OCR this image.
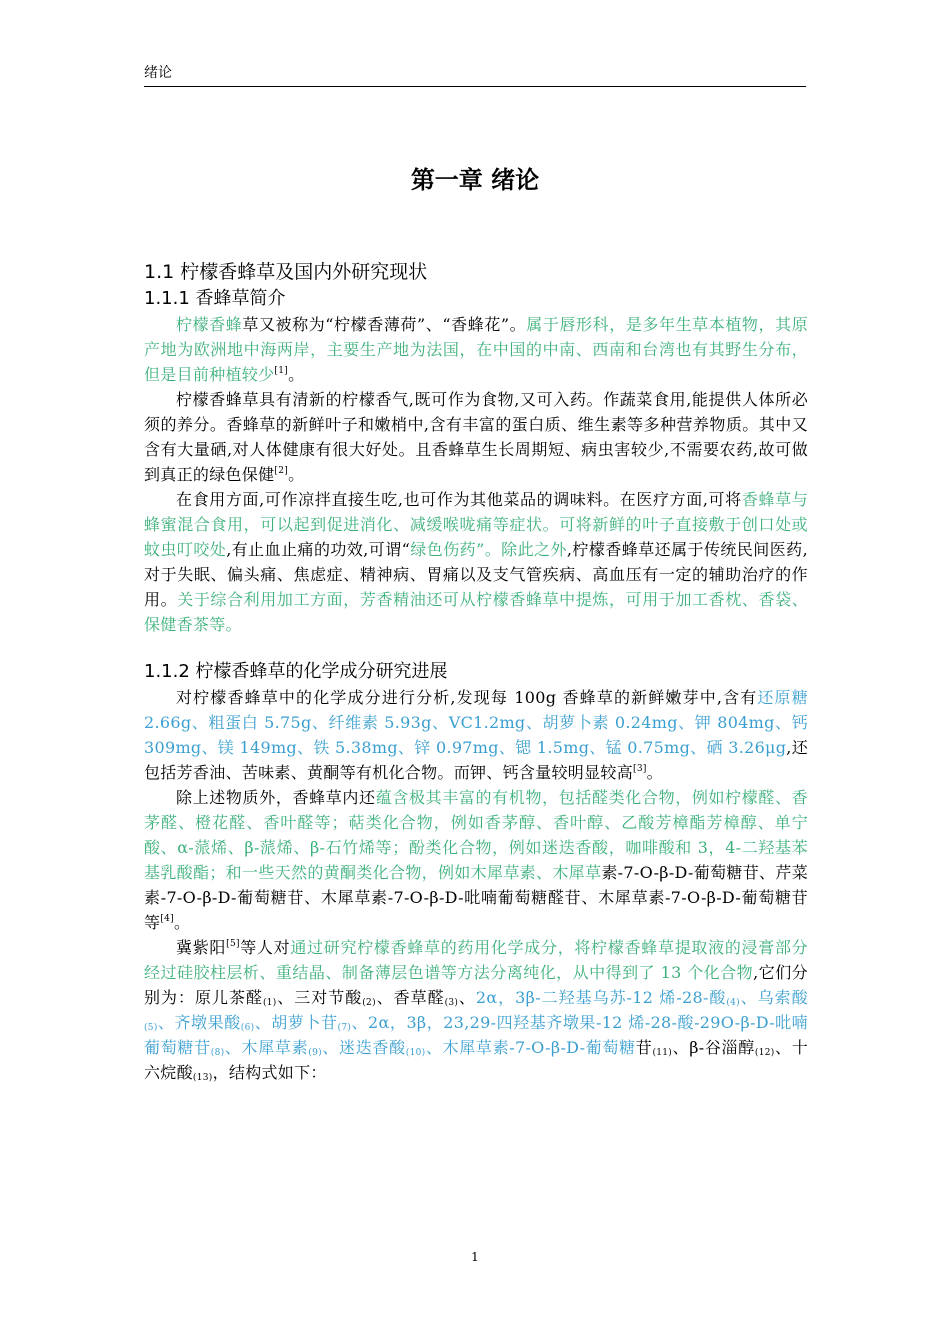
绪论
第一章 绪论
1.1 柠檬香蜂草及国内外研究现状
1.1.1 香蜂草简介

柠檬香蜂草又被称为“柠檬香薄荷”、“香蜂花”。属于唇形科，是多年生草本植物，其原产地为欧洲地中海两岸，主要生产地为法国，在中国的中南、西南和台湾也有其野生分布，但是目前种植较少[1]。

柠檬香蜂草具有清新的柠檬香气,既可作为食物,又可入药。作蔬菜食用,能提供人体所必须的养分。香蜂草的新鲜叶子和嫩梢中,含有丰富的蛋白质、维生素等多种营养物质。其中又含有大量硒,对人体健康有很大好处。且香蜂草生长周期短、病虫害较少,不需要农药,故可做到真正的绿色保健[2]。

在食用方面,可作凉拌直接生吃,也可作为其他菜品的调味料。在医疗方面,可将香蜂草与蜂蜜混合食用，可以起到促进消化、减缓喉咙痛等症状。可将新鲜的叶子直接敷于创口处或蚊虫叮咬处,有止血止痛的功效,可谓“绿色伤药”。除此之外,柠檬香蜂草还属于传统民间医药,对于失眠、偏头痛、焦虑症、精神病、胃痛以及支气管疾病、高血压有一定的辅助治疗的作用。关于综合利用加工方面，芳香精油还可从柠檬香蜂草中提炼，可用于加工香枕、香袋、保健香茶等。

1.1.2 柠檬香蜂草的化学成分研究进展

对柠檬香蜂草中的化学成分进行分析,发现每 100g 香蜂草的新鲜嫩芽中,含有还原糖 2.66g、粗蛋白 5.75g、纤维素 5.93g、VC1.2mg、胡萝卜素 0.24mg、钾 804mg、钙 309mg、镁 149mg、铁 5.38mg、锌 0.97mg、锶 1.5mg、锰 0.75mg、硒 3.26μg,还包括芳香油、苦味素、黄酮等有机化合物。而钾、钙含量较明显较高[3]。

除上述物质外，香蜂草内还蕴含极其丰富的有机物，包括醛类化合物，例如柠檬醛、香茅醛、橙花醛、香叶醛等；萜类化合物，例如香茅醇、香叶醇、乙酸芳樟酯芳樟醇、单宁酸、α-蒎烯、β-蒎烯、β-石竹烯等；酚类化合物，例如迷迭香酸，咖啡酸和 3，4-二羟基苯基乳酸酯；和一些天然的黄酮类化合物，例如木犀草素、木犀草素-7-O-β-D-葡萄糖苷、芹菜素-7-O-β-D-葡萄糖苷、木犀草素-7-O-β-D-吡喃葡萄糖醛苷、木犀草素-7-O-β-D-葡萄糖苷等[4]。

冀紫阳[5]等人对通过研究柠檬香蜂草的药用化学成分，将柠檬香蜂草提取液的浸膏部分经过硅胶柱层析、重结晶、制备薄层色谱等方法分离纯化，从中得到了 13 个化合物,它们分别为：原儿茶醛$_{(1)}$、三对节酸$_{(2)}$、香草醛$_{(3)}$、2α，3β-二羟基乌苏-12 烯-28-酸$_{(4)}$、乌索酸$_{(5)}$、齐墩果酸$_{(6)}$、胡萝卜苷$_{(7)}$、2α，3β，23,29-四羟基齐墩果-12 烯-28-酸-29O-β-D-吡喃葡萄糖苷$_{(8)}$、木犀草素$_{(9)}$、迷迭香酸$_{(10)}$、木犀草素-7-O-β-D-葡萄糖苷$_{(11)}$、β-谷淄醇$_{(12)}$、十六烷酸$_{(13)}$，结构式如下：

1
